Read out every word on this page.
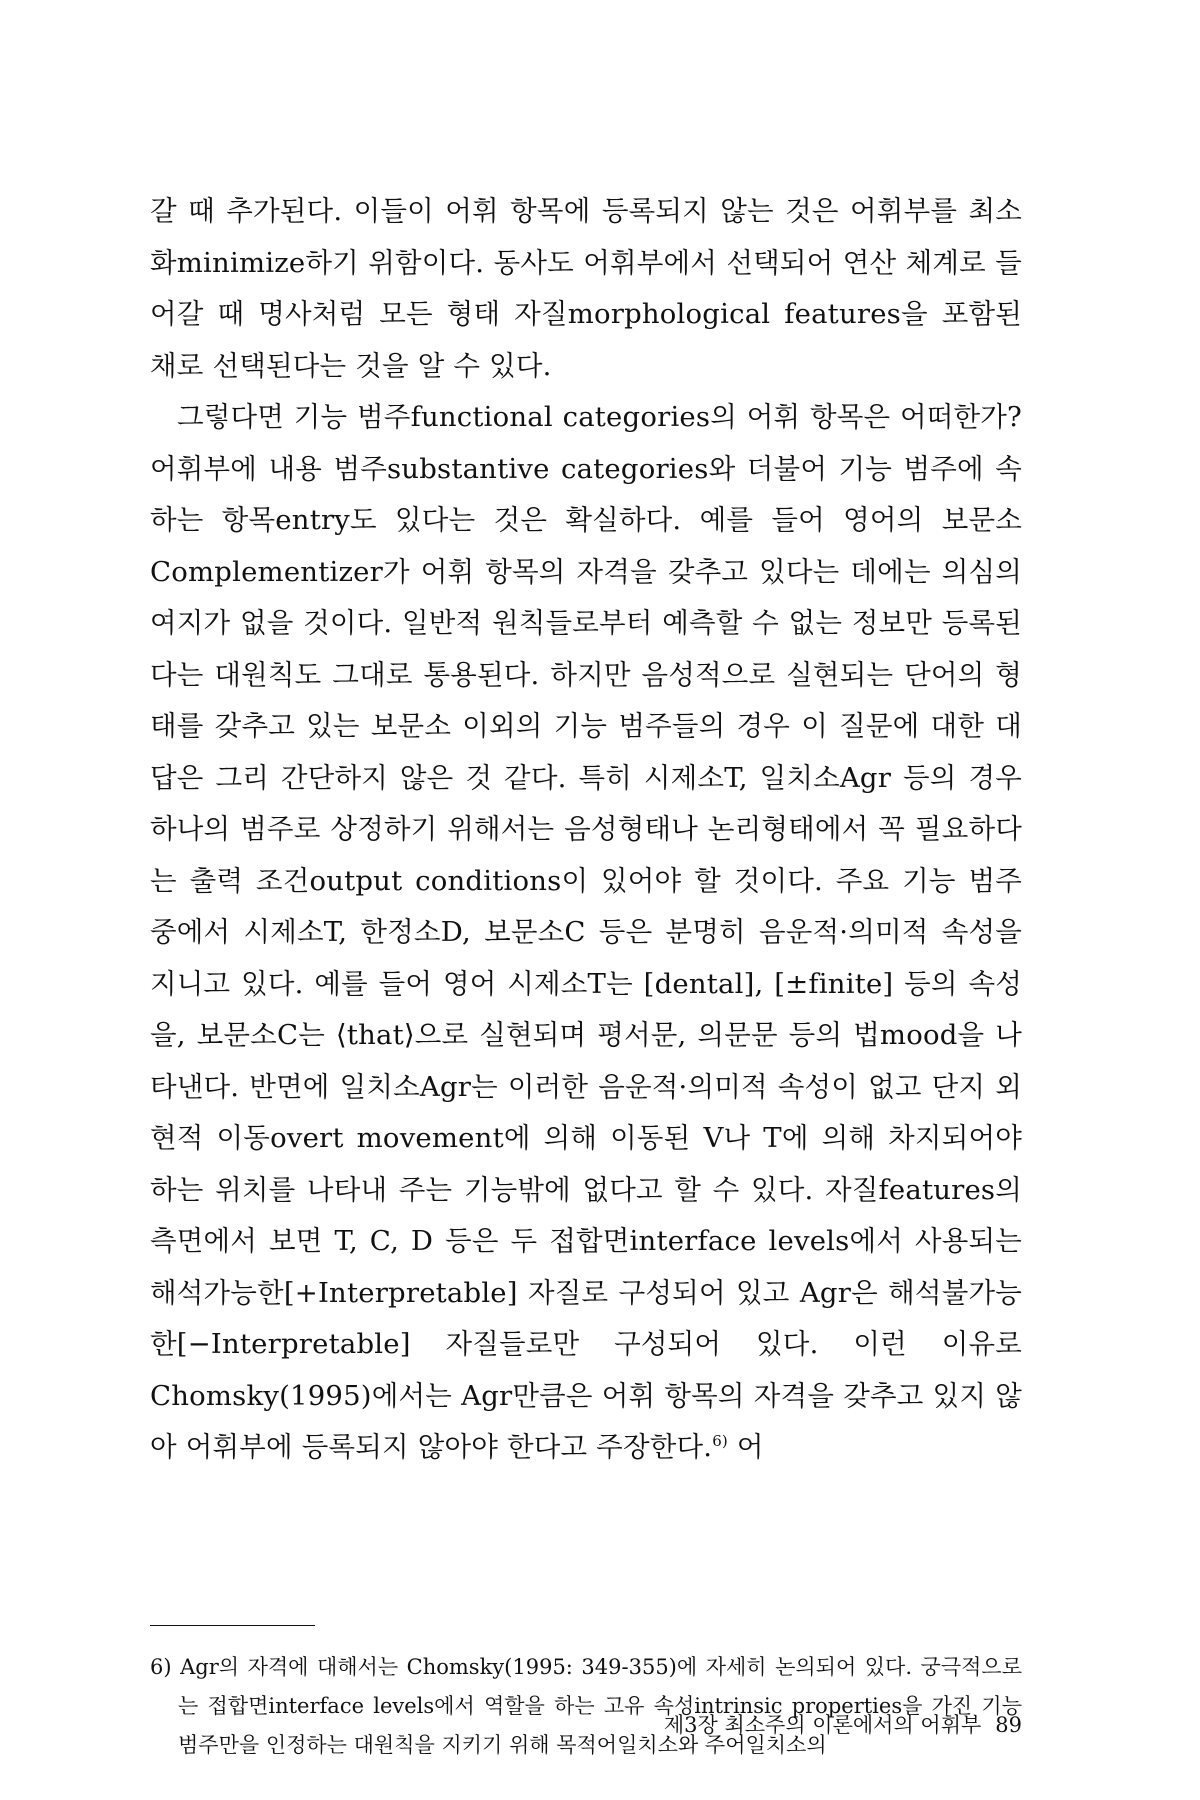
갈 때 추가된다. 이들이 어휘 항목에 등록되지 않는 것은 어휘부를 최소화minimize하기 위함이다. 동사도 어휘부에서 선택되어 연산 체계로 들어갈 때 명사처럼 모든 형태 자질morphological features을 포함된 채로 선택된다는 것을 알 수 있다.

그렇다면 기능 범주functional categories의 어휘 항목은 어떠한가? 어휘부에 내용 범주substantive categories와 더불어 기능 범주에 속하는 항목entry도 있다는 것은 확실하다. 예를 들어 영어의 보문소Complementizer가 어휘 항목의 자격을 갖추고 있다는 데에는 의심의 여지가 없을 것이다. 일반적 원칙들로부터 예측할 수 없는 정보만 등록된다는 대원칙도 그대로 통용된다. 하지만 음성적으로 실현되는 단어의 형태를 갖추고 있는 보문소 이외의 기능 범주들의 경우 이 질문에 대한 대답은 그리 간단하지 않은 것 같다. 특히 시제소T, 일치소Agr 등의 경우 하나의 범주로 상정하기 위해서는 음성형태나 논리형태에서 꼭 필요하다는 출력 조건output conditions이 있어야 할 것이다. 주요 기능 범주 중에서 시제소T, 한정소D, 보문소C 등은 분명히 음운적·의미적 속성을 지니고 있다. 예를 들어 영어 시제소T는 [dental], [±finite] 등의 속성을, 보문소C는 ⟨that⟩으로 실현되며 평서문, 의문문 등의 법mood을 나타낸다. 반면에 일치소Agr는 이러한 음운적·의미적 속성이 없고 단지 외현적 이동overt movement에 의해 이동된 V나 T에 의해 차지되어야 하는 위치를 나타내 주는 기능밖에 없다고 할 수 있다. 자질features의 측면에서 보면 T, C, D 등은 두 접합면interface levels에서 사용되는 해석가능한[+Interpretable] 자질로 구성되어 있고 Agr은 해석불가능한[−Interpretable] 자질들로만 구성되어 있다. 이런 이유로 Chomsky(1995)에서는 Agr만큼은 어휘 항목의 자격을 갖추고 있지 않아 어휘부에 등록되지 않아야 한다고 주장한다.$^{6)}$ 어

6) Agr의 자격에 대해서는 Chomsky(1995: 349-355)에 자세히 논의되어 있다. 궁극적으로는 접합면interface levels에서 역할을 하는 고유 속성intrinsic properties을 가진 기능 범주만을 인정하는 대원칙을 지키기 위해 목적어일치소와 주어일치소의

제3장 최소주의 이론에서의 어휘부 89
